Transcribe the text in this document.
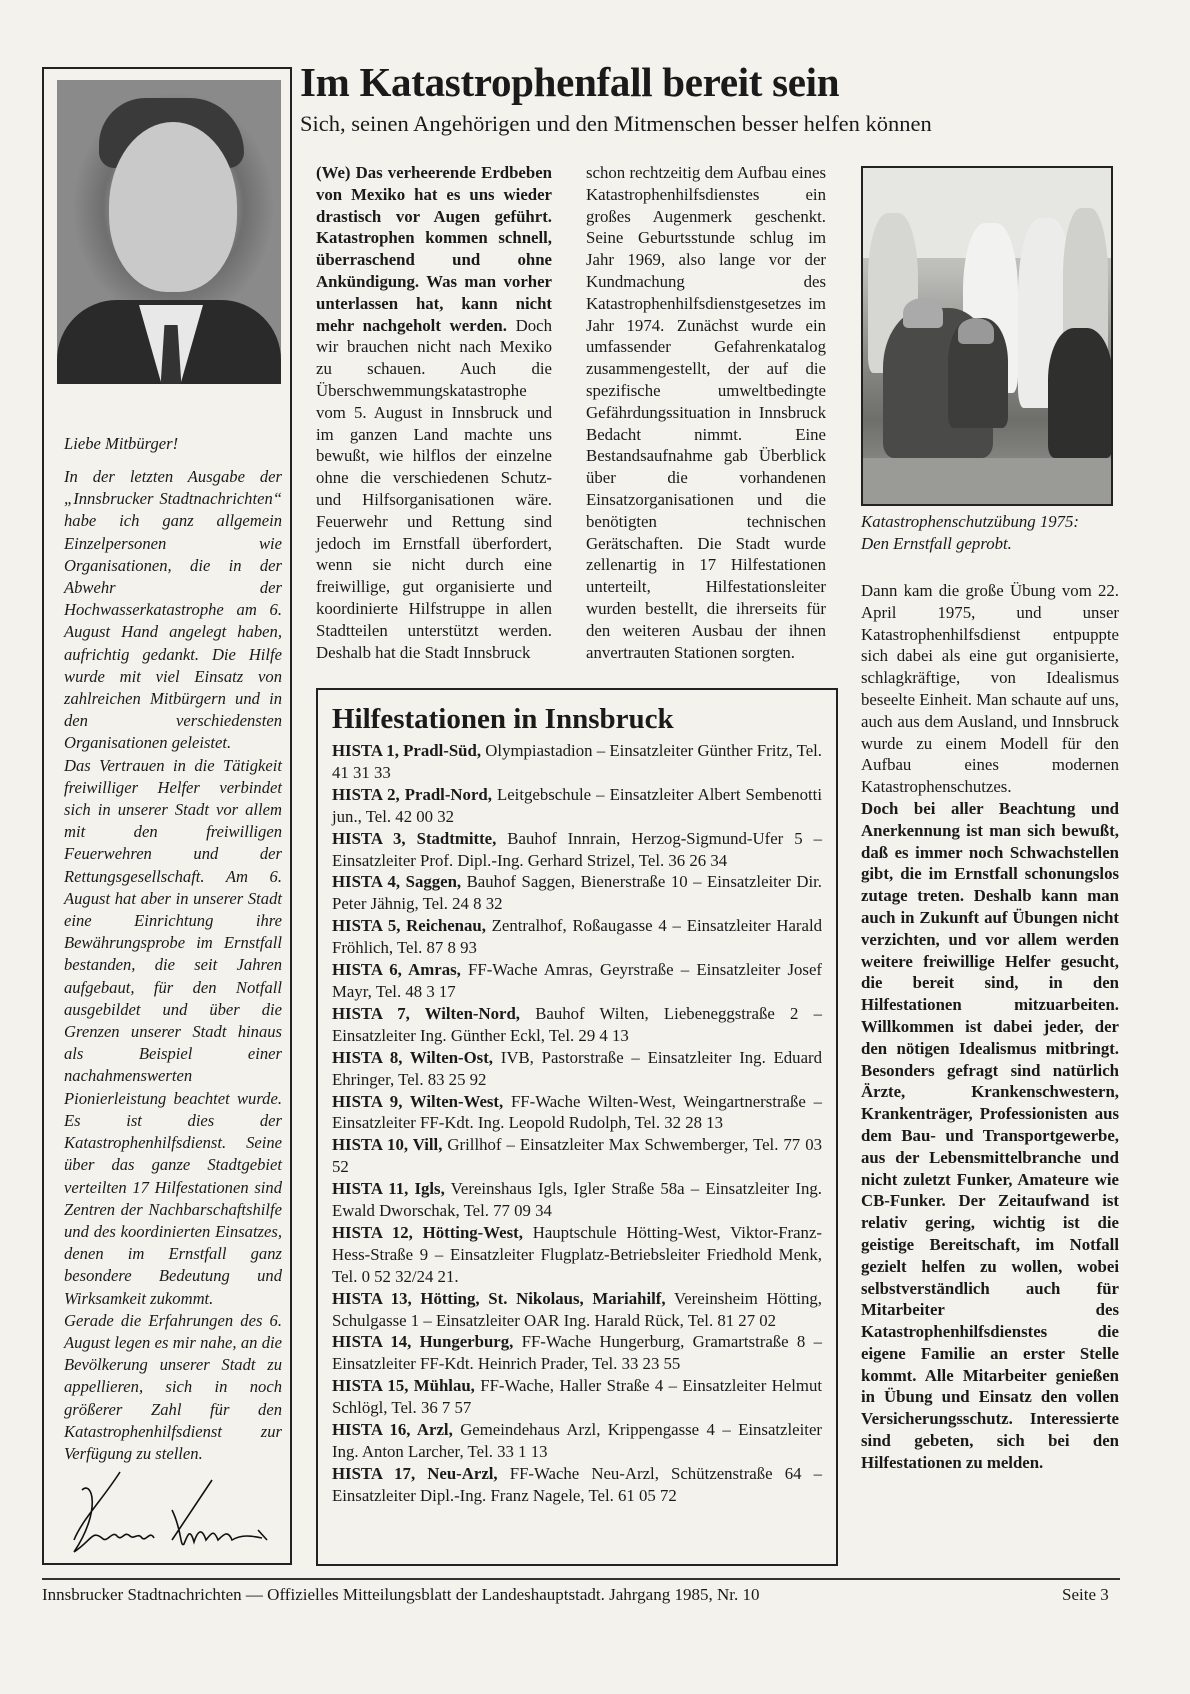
Liebe Mitbürger!

In der letzten Ausgabe der „Innsbrucker Stadtnachrichten“ habe ich ganz allgemein Einzelpersonen wie Organisationen, die in der Abwehr der Hochwasserkatastrophe am 6. August Hand angelegt haben, aufrichtig gedankt. Die Hilfe wurde mit viel Einsatz von zahlreichen Mitbürgern und in den verschiedensten Organisationen geleistet.

Das Vertrauen in die Tätigkeit freiwilliger Helfer verbindet sich in unserer Stadt vor allem mit den freiwilligen Feuerwehren und der Rettungsgesellschaft. Am 6. August hat aber in unserer Stadt eine Einrichtung ihre Bewährungsprobe im Ernstfall bestanden, die seit Jahren aufgebaut, für den Notfall ausgebildet und über die Grenzen unserer Stadt hinaus als Beispiel einer nachahmenswerten Pionierleistung beachtet wurde. Es ist dies der Katastrophenhilfsdienst. Seine über das ganze Stadtgebiet verteilten 17 Hilfestationen sind Zentren der Nachbarschaftshilfe und des koordinierten Einsatzes, denen im Ernstfall ganz besondere Bedeutung und Wirksamkeit zukommt.

Gerade die Erfahrungen des 6. August legen es mir nahe, an die Bevölkerung unserer Stadt zu appellieren, sich in noch größerer Zahl für den Katastrophenhilfsdienst zur Verfügung zu stellen.

Im Katastrophenfall bereit sein
Sich, seinen Angehörigen und den Mitmenschen besser helfen können

(We) Das verheerende Erdbeben von Mexiko hat es uns wieder drastisch vor Augen geführt. Katastrophen kommen schnell, überraschend und ohne Ankündigung. Was man vorher unterlassen hat, kann nicht mehr nachgeholt werden. Doch wir brauchen nicht nach Mexiko zu schauen. Auch die Überschwemmungskatastrophe vom 5. August in Innsbruck und im ganzen Land machte uns bewußt, wie hilflos der einzelne ohne die verschiedenen Schutz- und Hilfsorganisationen wäre. Feuerwehr und Rettung sind jedoch im Ernstfall überfordert, wenn sie nicht durch eine freiwillige, gut organisierte und koordinierte Hilfstruppe in allen Stadtteilen unterstützt werden. Deshalb hat die Stadt Innsbruck

schon rechtzeitig dem Aufbau eines Katastrophenhilfsdienstes ein großes Augenmerk geschenkt. Seine Geburtsstunde schlug im Jahr 1969, also lange vor der Kundmachung des Katastrophenhilfsdienstgesetzes im Jahr 1974. Zunächst wurde ein umfassender Gefahrenkatalog zusammengestellt, der auf die spezifische umweltbedingte Gefährdungssituation in Innsbruck Bedacht nimmt. Eine Bestandsaufnahme gab Überblick über die vorhandenen Einsatzorganisationen und die benötigten technischen Gerätschaften. Die Stadt wurde zellenartig in 17 Hilfestationen unterteilt, Hilfestationsleiter wurden bestellt, die ihrerseits für den weiteren Ausbau der ihnen anvertrauten Stationen sorgten.

Katastrophenschutzübung 1975:
Den Ernstfall geprobt.

Dann kam die große Übung vom 22. April 1975, und unser Katastrophenhilfsdienst entpuppte sich dabei als eine gut organisierte, schlagkräftige, von Idealismus beseelte Einheit. Man schaute auf uns, auch aus dem Ausland, und Innsbruck wurde zu einem Modell für den Aufbau eines modernen Katastrophenschutzes.

Doch bei aller Beachtung und Anerkennung ist man sich bewußt, daß es immer noch Schwachstellen gibt, die im Ernstfall schonungslos zutage treten. Deshalb kann man auch in Zukunft auf Übungen nicht verzichten, und vor allem werden weitere freiwillige Helfer gesucht, die bereit sind, in den Hilfestationen mitzuarbeiten. Willkommen ist dabei jeder, der den nötigen Idealismus mitbringt. Besonders gefragt sind natürlich Ärzte, Krankenschwestern, Krankenträger, Professionisten aus dem Bau- und Transportgewerbe, aus der Lebensmittelbranche und nicht zuletzt Funker, Amateure wie CB-Funker. Der Zeitaufwand ist relativ gering, wichtig ist die geistige Bereitschaft, im Notfall gezielt helfen zu wollen, wobei selbstverständlich auch für Mitarbeiter des Katastrophenhilfsdienstes die eigene Familie an erster Stelle kommt. Alle Mitarbeiter genießen in Übung und Einsatz den vollen Versicherungsschutz. Interessierte sind gebeten, sich bei den Hilfestationen zu melden.

Hilfestationen in Innsbruck

HISTA 1, Pradl-Süd, Olympiastadion – Einsatzleiter Günther Fritz, Tel. 41 31 33

HISTA 2, Pradl-Nord, Leitgebschule – Einsatzleiter Albert Sembenotti jun., Tel. 42 00 32

HISTA 3, Stadtmitte, Bauhof Innrain, Herzog-Sigmund-Ufer 5 – Einsatzleiter Prof. Dipl.-Ing. Gerhard Strizel, Tel. 36 26 34

HISTA 4, Saggen, Bauhof Saggen, Bienerstraße 10 – Einsatzleiter Dir. Peter Jähnig, Tel. 24 8 32

HISTA 5, Reichenau, Zentralhof, Roßaugasse 4 – Einsatzleiter Harald Fröhlich, Tel. 87 8 93

HISTA 6, Amras, FF-Wache Amras, Geyrstraße – Einsatzleiter Josef Mayr, Tel. 48 3 17

HISTA 7, Wilten-Nord, Bauhof Wilten, Liebeneggstraße 2 – Einsatzleiter Ing. Günther Eckl, Tel. 29 4 13

HISTA 8, Wilten-Ost, IVB, Pastorstraße – Einsatzleiter Ing. Eduard Ehringer, Tel. 83 25 92

HISTA 9, Wilten-West, FF-Wache Wilten-West, Weingartnerstraße – Einsatzleiter FF-Kdt. Ing. Leopold Rudolph, Tel. 32 28 13

HISTA 10, Vill, Grillhof – Einsatzleiter Max Schwemberger, Tel. 77 03 52

HISTA 11, Igls, Vereinshaus Igls, Igler Straße 58a – Einsatzleiter Ing. Ewald Dworschak, Tel. 77 09 34

HISTA 12, Hötting-West, Hauptschule Hötting-West, Viktor-Franz-Hess-Straße 9 – Einsatzleiter Flugplatz-Betriebsleiter Friedhold Menk, Tel. 0 52 32/24 21.

HISTA 13, Hötting, St. Nikolaus, Mariahilf, Vereinsheim Hötting, Schulgasse 1 – Einsatzleiter OAR Ing. Harald Rück, Tel. 81 27 02

HISTA 14, Hungerburg, FF-Wache Hungerburg, Gramartstraße 8 – Einsatzleiter FF-Kdt. Heinrich Prader, Tel. 33 23 55

HISTA 15, Mühlau, FF-Wache, Haller Straße 4 – Einsatzleiter Helmut Schlögl, Tel. 36 7 57

HISTA 16, Arzl, Gemeindehaus Arzl, Krippengasse 4 – Einsatzleiter Ing. Anton Larcher, Tel. 33 1 13

HISTA 17, Neu-Arzl, FF-Wache Neu-Arzl, Schützenstraße 64 – Einsatzleiter Dipl.-Ing. Franz Nagele, Tel. 61 05 72

Innsbrucker Stadtnachrichten — Offizielles Mitteilungsblatt der Landeshauptstadt. Jahrgang 1985, Nr. 10	Seite 3
